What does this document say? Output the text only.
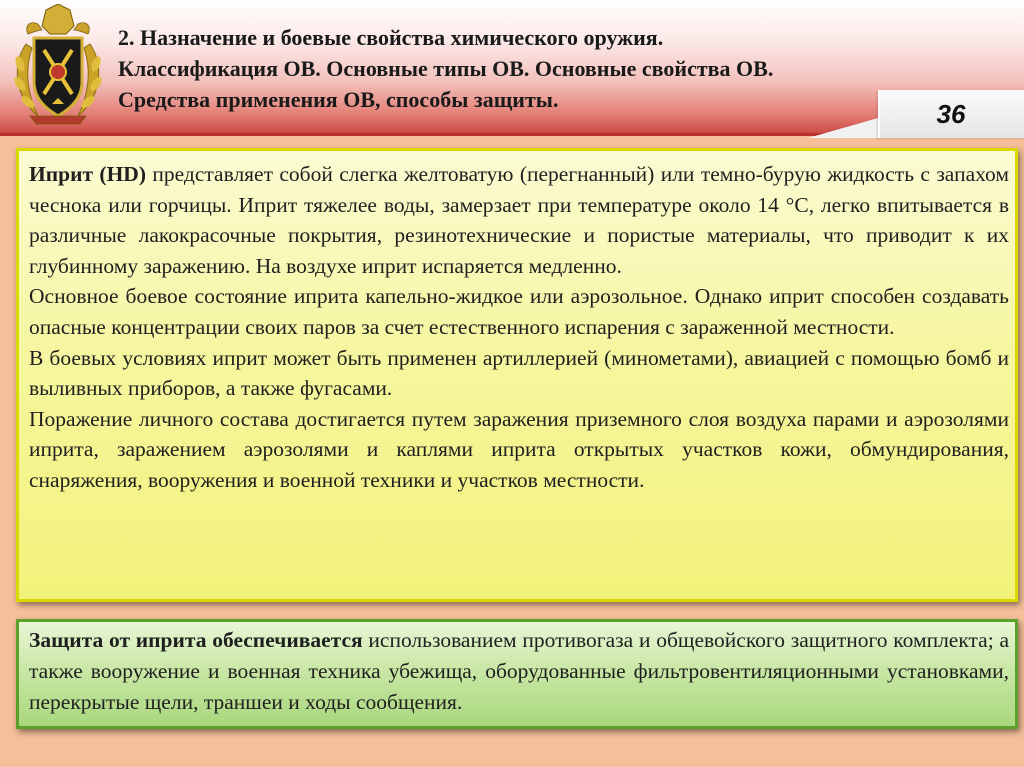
2. Назначение и боевые свойства химического оружия.
Классификация ОВ. Основные типы ОВ. Основные свойства ОВ.
Средства применения ОВ, способы защиты.	36

Иприт (HD) представляет собой слегка желтоватую (перегнанный) или темно-бурую жидкость с запахом чеснока или горчицы. Иприт тяжелее воды, замерзает при температуре около 14 °С, легко впитывается в различные лакокрасочные покрытия, резинотехнические и пористые материалы, что приводит к их глубинному заражению. На воздухе иприт испаряется медленно.

Основное боевое состояние иприта капельно-жидкое или аэрозольное. Однако иприт способен создавать опасные концентрации своих паров за счет естественного испарения с зараженной местности.

В боевых условиях иприт может быть применен артиллерией (минометами), авиацией с помощью бомб и выливных приборов, а также фугасами.

Поражение личного состава достигается путем заражения приземного слоя воздуха парами и аэрозолями иприта, заражением аэрозолями и каплями иприта открытых участков кожи, обмундирования, снаряжения, вооружения и военной техники и участков местности.

Защита от иприта обеспечивается использованием противогаза и общевойского защитного комплекта; а также вооружение и военная техника убежища, оборудованные фильтровентиляционными установками, перекрытые щели, траншеи и ходы сообщения.
